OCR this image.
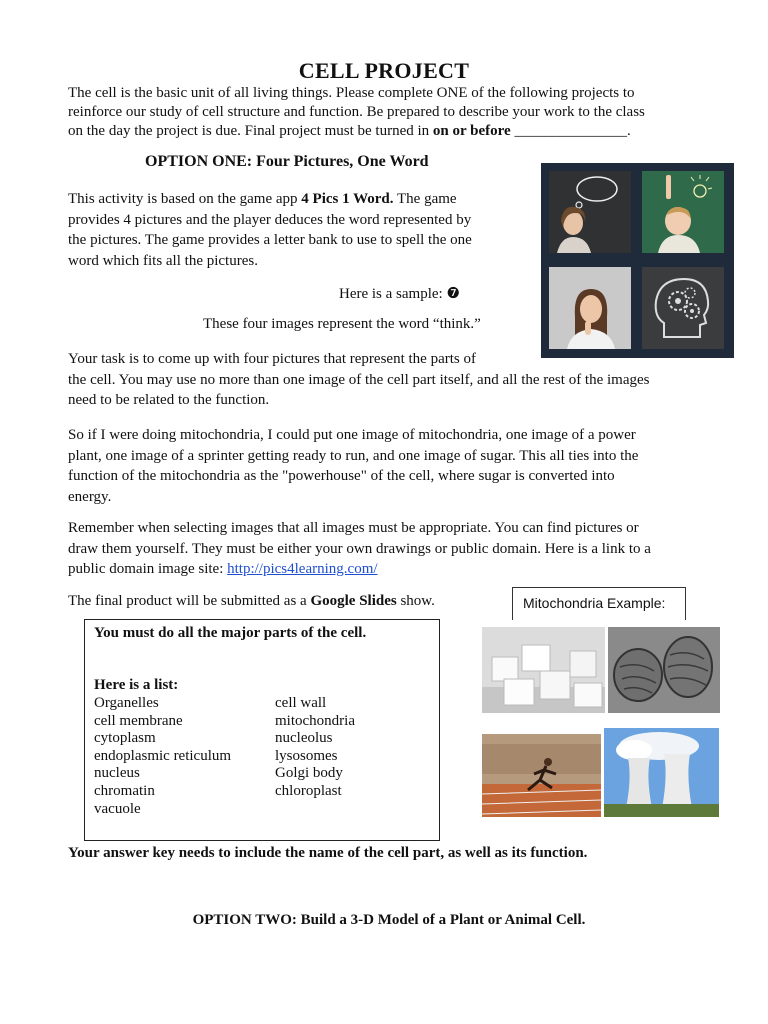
CELL PROJECT
The cell is the basic unit of all living things. Please complete ONE of the following projects to
reinforce our study of cell structure and function. Be prepared to describe your work to the class
on the day the project is due. Final project must be turned in on or before _______________.
OPTION ONE: Four Pictures, One Word
This activity is based on the game app 4 Pics 1 Word. The game
provides 4 pictures and the player deduces the word represented by
the pictures. The game provides a letter bank to use to spell the one
word which fits all the pictures.
Here is a sample: ❼
These four images represent the word “think.”
Your task is to come up with four pictures that represent the parts of
the cell. You may use no more than one image of the cell part itself, and all the rest of the images
need to be related to the function.
So if I were doing mitochondria, I could put one image of mitochondria, one image of a power
plant, one image of a sprinter getting ready to run, and one image of sugar. This all ties into the
function of the mitochondria as the "powerhouse" of the cell, where sugar is converted into
energy.
Remember when selecting images that all images must be appropriate. You can find pictures or
draw them yourself. They must be either your own drawings or public domain. Here is a link to a
public domain image site: http://pics4learning.com/
The final product will be submitted as a Google Slides show.	Mitochondria Example:
You must do all the major parts of the cell.
Here is a list:
Organelles
cell membrane
cytoplasm
endoplasmic reticulum
nucleus
chromatin
vacuole
cell wall
mitochondria
nucleolus
lysosomes
Golgi body
chloroplast
Your answer key needs to include the name of the cell part, as well as its function.
OPTION TWO: Build a 3-D Model of a Plant or Animal Cell.
